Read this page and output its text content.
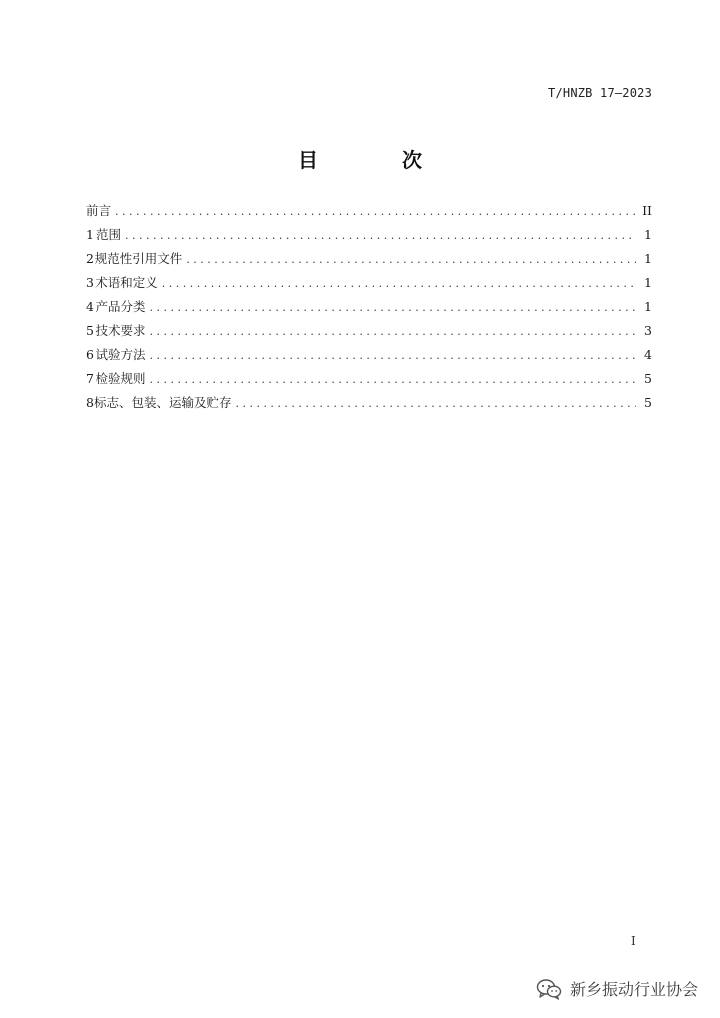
T/HNZB 17—2023
目　次
前言 . . .	II
1 范围 . . .	1
2 规范性引用文件 . . .	1
3 术语和定义 . . .	1
4 产品分类 . . .	1
5 技术要求 . . .	3
6 试验方法 . . .	4
7 检验规则 . . .	5
8 标志、包装、运输及贮存 . . .	5
I
新乡振动行业协会
